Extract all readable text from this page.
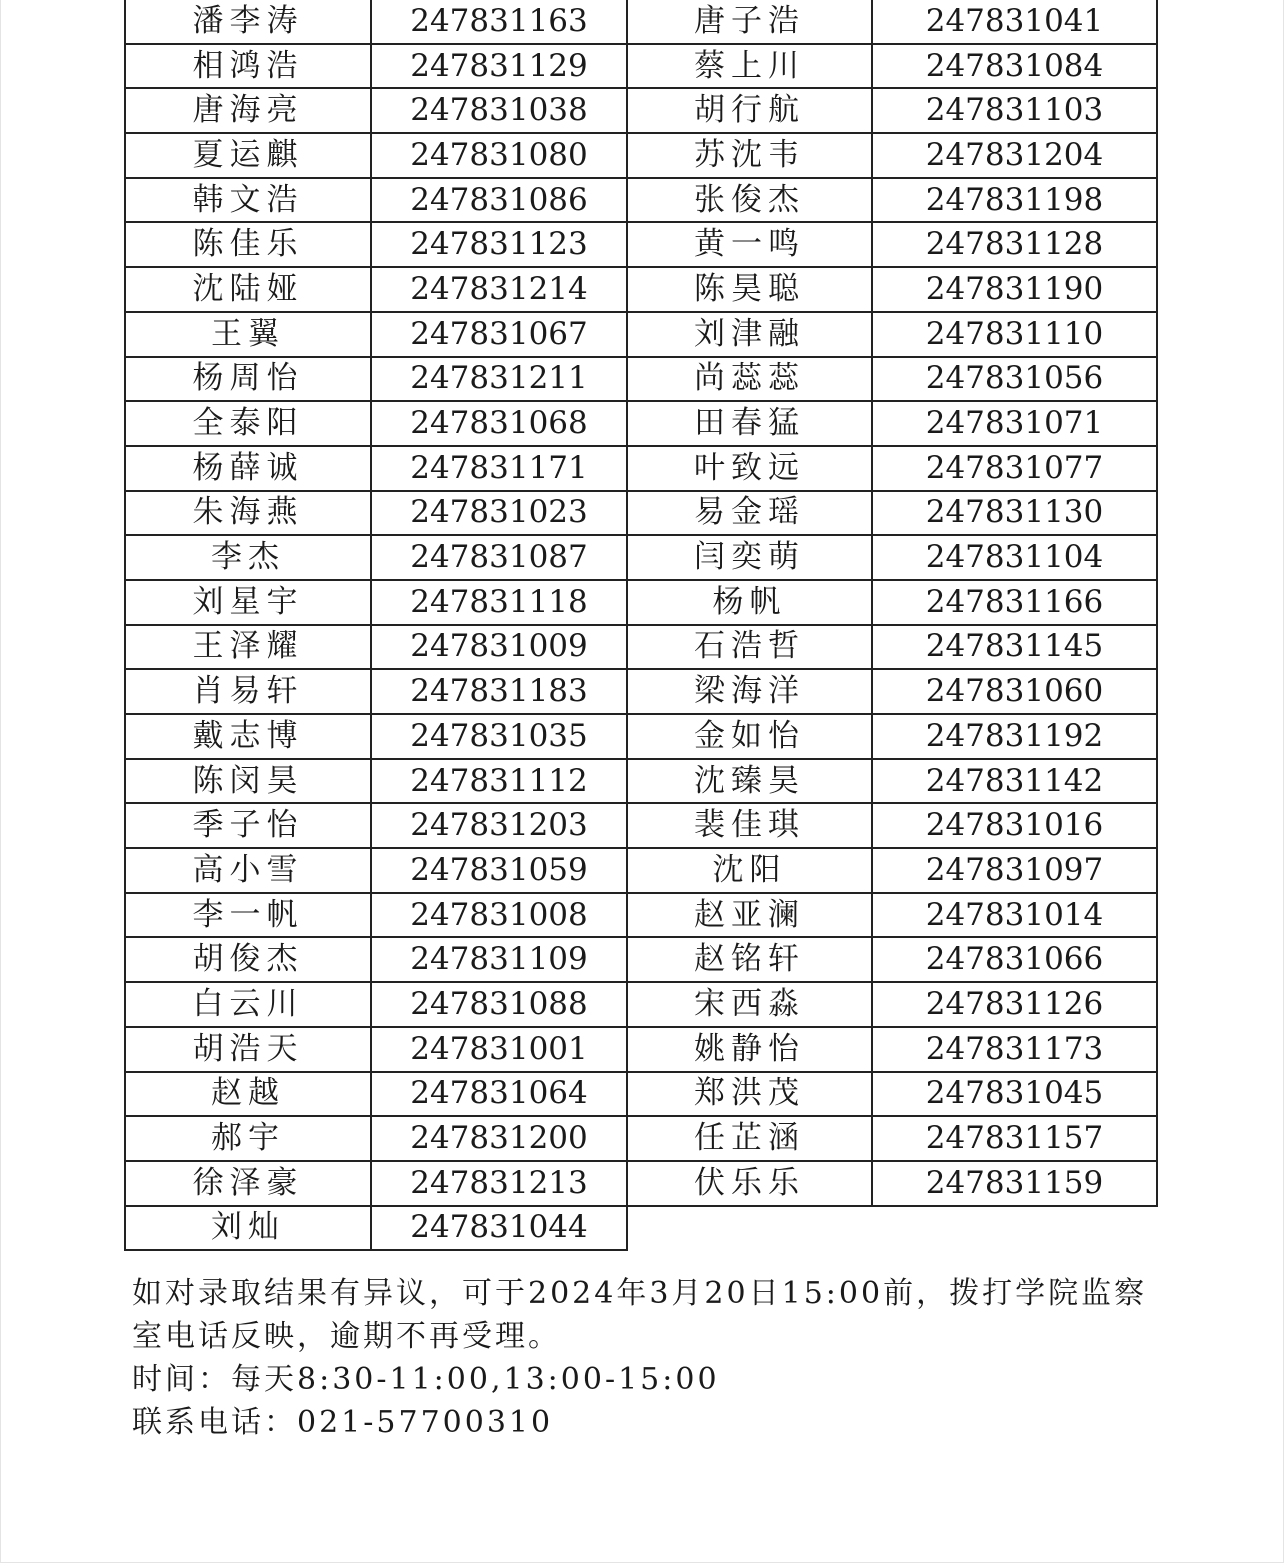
潘李涛	247831163	唐子浩	247831041
相鸿浩	247831129	蔡上川	247831084
唐海亮	247831038	胡行航	247831103
夏运麒	247831080	苏沈韦	247831204
韩文浩	247831086	张俊杰	247831198
陈佳乐	247831123	黄一鸣	247831128
沈陆娅	247831214	陈昊聪	247831190
王翼	247831067	刘津融	247831110
杨周怡	247831211	尚蕊蕊	247831056
全泰阳	247831068	田春猛	247831071
杨薛诚	247831171	叶致远	247831077
朱海燕	247831023	易金瑶	247831130
李杰	247831087	闫奕萌	247831104
刘星宇	247831118	杨帆	247831166
王泽耀	247831009	石浩哲	247831145
肖易轩	247831183	梁海洋	247831060
戴志博	247831035	金如怡	247831192
陈闵昊	247831112	沈臻昊	247831142
季子怡	247831203	裴佳琪	247831016
高小雪	247831059	沈阳	247831097
李一帆	247831008	赵亚澜	247831014
胡俊杰	247831109	赵铭轩	247831066
白云川	247831088	宋西淼	247831126
胡浩天	247831001	姚静怡	247831173
赵越	247831064	郑洪茂	247831045
郝宇	247831200	任芷涵	247831157
徐泽豪	247831213	伏乐乐	247831159
刘灿	247831044		

如对录取结果有异议，可于2024年3月20日15:00前，拨打学院监察

室电话反映，逾期不再受理。

时间：每天8:30-11:00,13:00-15:00

联系电话：021-57700310
